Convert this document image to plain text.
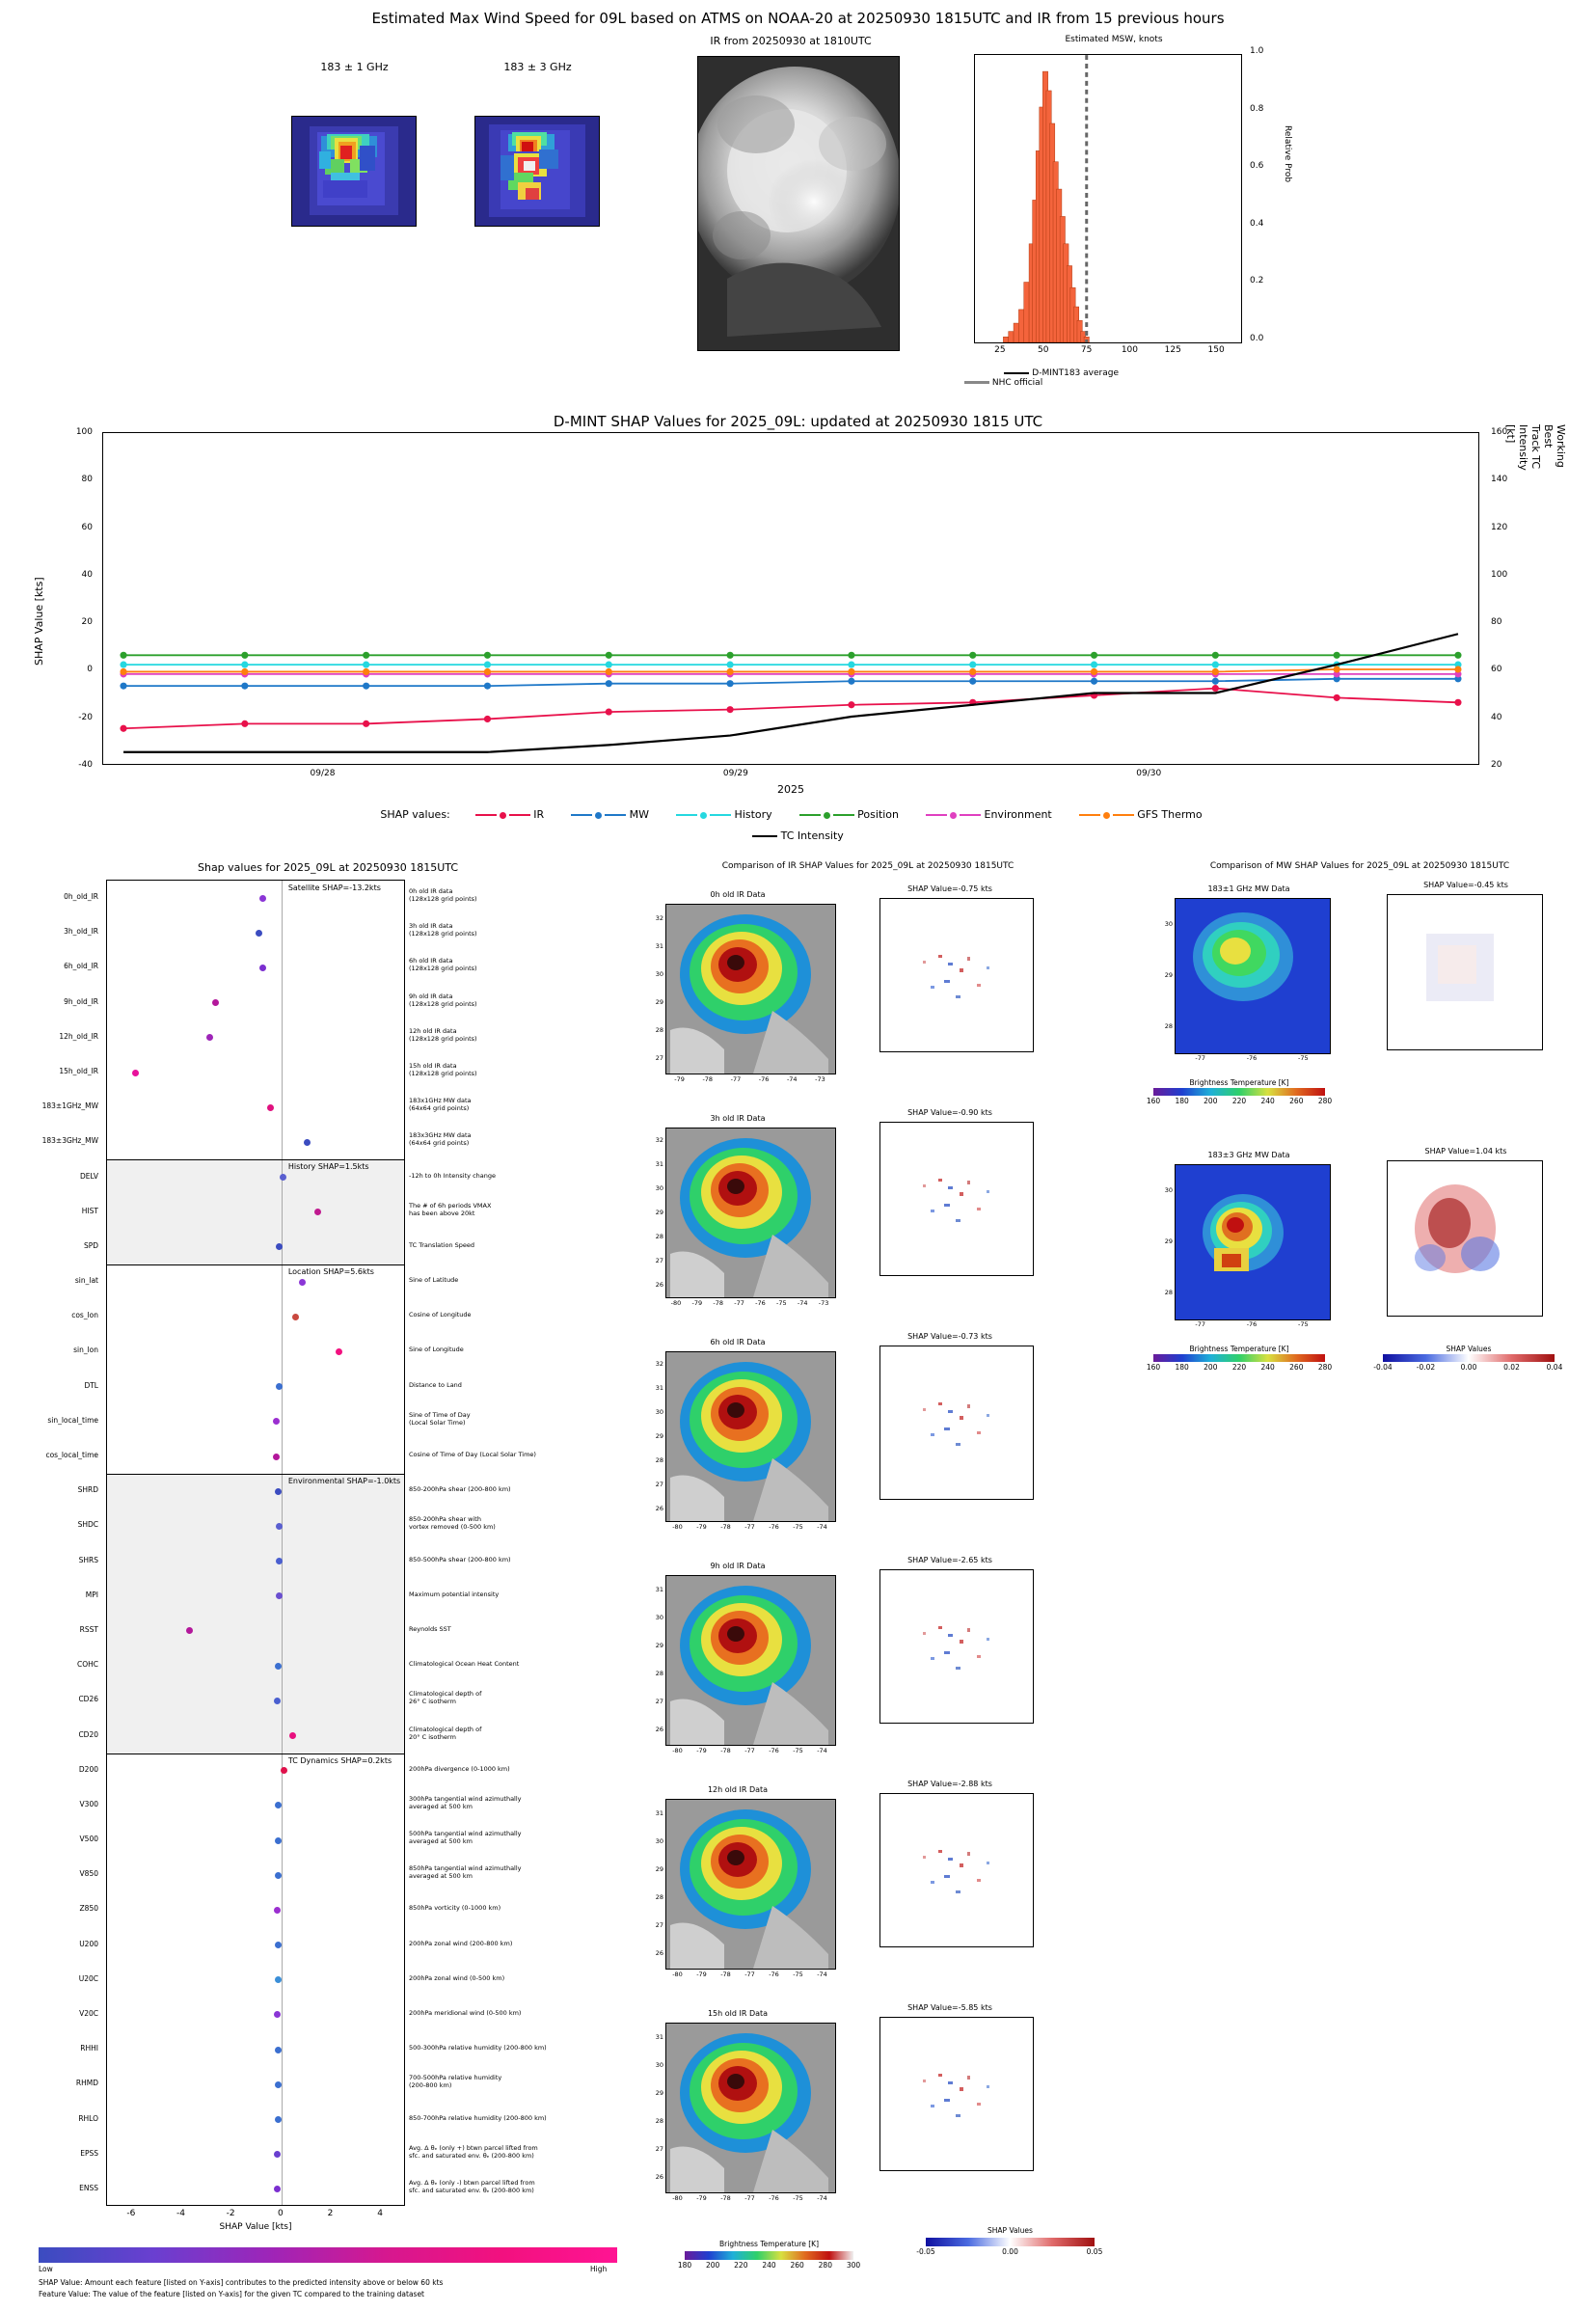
Estimated Max Wind Speed for 09L based on ATMS on NOAA-20 at 20250930 1815UTC and IR from 15 previous hours
183 ± 1 GHz	183 ± 3 GHz
IR from 20250930 at 1810UTC	Estimated MSW, knots
0.0
0.2
0.4
0.6
0.8
1.0
25	50	75	100	125	150
Relative Prob
D-MINT183 average  NHC official
D-MINT SHAP Values for 2025_09L: updated at 20250930 1815 UTC
-40
-20
0
20
40
60
80
100
20
40
60
80
100
120
140
160
09/28	09/29	09/30
SHAP Value [kts]
Working Best Track TC Intensity [kt]
2025
SHAP values:	IR	MW	History	Position	Environment	GFS Thermo
TC Intensity
Shap values for 2025_09L at 20250930 1815UTC
0h_old_IR
3h_old_IR
6h_old_IR
9h_old_IR
12h_old_IR
15h_old_IR
183±1GHz_MW
183±3GHz_MW
DELV
HIST
SPD
sin_lat
cos_lon
sin_lon
DTL
sin_local_time
cos_local_time
SHRD
SHDC
SHRS
MPI
RSST
COHC
CD26
CD20
D200
V300
V500
V850
Z850
U200
U20C
V20C
RHHI
RHMD
RHLO
EPSS
ENSS
0h old IR data
(128x128 grid points)
3h old IR data
(128x128 grid points)
6h old IR data
(128x128 grid points)
9h old IR data
(128x128 grid points)
12h old IR data
(128x128 grid points)
15h old IR data
(128x128 grid points)
183x1GHz MW data
(64x64 grid points)
183x3GHz MW data
(64x64 grid points)
-12h to 0h Intensity change
The # of 6h periods VMAX
has been above 20kt
TC Translation Speed
Sine of Latitude
Cosine of Longitude
Sine of Longitude
Distance to Land
Sine of Time of Day
(Local Solar Time)
Cosine of Time of Day (Local Solar Time)
850-200hPa shear (200-800 km)
850-200hPa shear with
vortex removed (0-500 km)
850-500hPa shear (200-800 km)
Maximum potential intensity
Reynolds SST
Climatological Ocean Heat Content
Climatological depth of
26° C isotherm
Climatological depth of
20° C isotherm
200hPa divergence (0-1000 km)
300hPa tangential wind azimuthally
averaged at 500 km
500hPa tangential wind azimuthally
averaged at 500 km
850hPa tangential wind azimuthally
averaged at 500 km
850hPa vorticity (0-1000 km)
200hPa zonal wind (200-800 km)
200hPa zonal wind (0-500 km)
200hPa meridional wind (0-500 km)
500-300hPa relative humidity (200-800 km)
700-500hPa relative humidity
(200-800 km)
850-700hPa relative humidity (200-800 km)
Avg. Δ θₑ (only +) btwn parcel lifted from
sfc. and saturated env. θₑ (200-800 km)
Avg. Δ θₑ (only -) btwn parcel lifted from
sfc. and saturated env. θₑ (200-800 km)
Satellite SHAP=-13.2kts
History SHAP=1.5kts
Location SHAP=5.6kts
Environmental SHAP=-1.0kts
TC Dynamics SHAP=0.2kts
-6	-4	-2	0	2	4
SHAP Value [kts]
Low	High
SHAP Value: Amount each feature [listed on Y-axis] contributes to the predicted intensity above or below 60 kts
Feature Value: The value of the feature [listed on Y-axis] for the given TC compared to the training dataset
Comparison of IR SHAP Values for 2025_09L at 20250930 1815UTC
0h old IR Data
SHAP Value=-0.75 kts
-79	-78	-77	-76	-74	-73
27
28
29
30
31
32
3h old IR Data
SHAP Value=-0.90 kts
-80	-79	-78	-77	-76	-75	-74	-73
26
27
28
29
30
31
32
6h old IR Data
SHAP Value=-0.73 kts
-80	-79	-78	-77	-76	-75	-74
26
27
28
29
30
31
32
9h old IR Data
SHAP Value=-2.65 kts
-80	-79	-78	-77	-76	-75	-74
26
27
28
29
30
31
12h old IR Data
SHAP Value=-2.88 kts
-80	-79	-78	-77	-76	-75	-74
26
27
28
29
30
31
15h old IR Data
SHAP Value=-5.85 kts
-80	-79	-78	-77	-76	-75	-74
26
27
28
29
30
31
Brightness Temperature [K]
180 200 220 240 260 280 300
SHAP Values
-0.05	0.00	0.05
Comparison of MW SHAP Values for 2025_09L at 20250930 1815UTC
183±1 GHz MW Data	SHAP Value=-0.45 kts
-77	-76	-75
28
29
30
183±3 GHz MW Data	SHAP Value=1.04 kts
-77	-76	-75
28
29
30
Brightness Temperature [K]
160	180	200	220	240	260	280
Brightness Temperature [K]
160	180	200	220	240	260	280
SHAP Values
-0.04	-0.02	0.00	0.02	0.04
